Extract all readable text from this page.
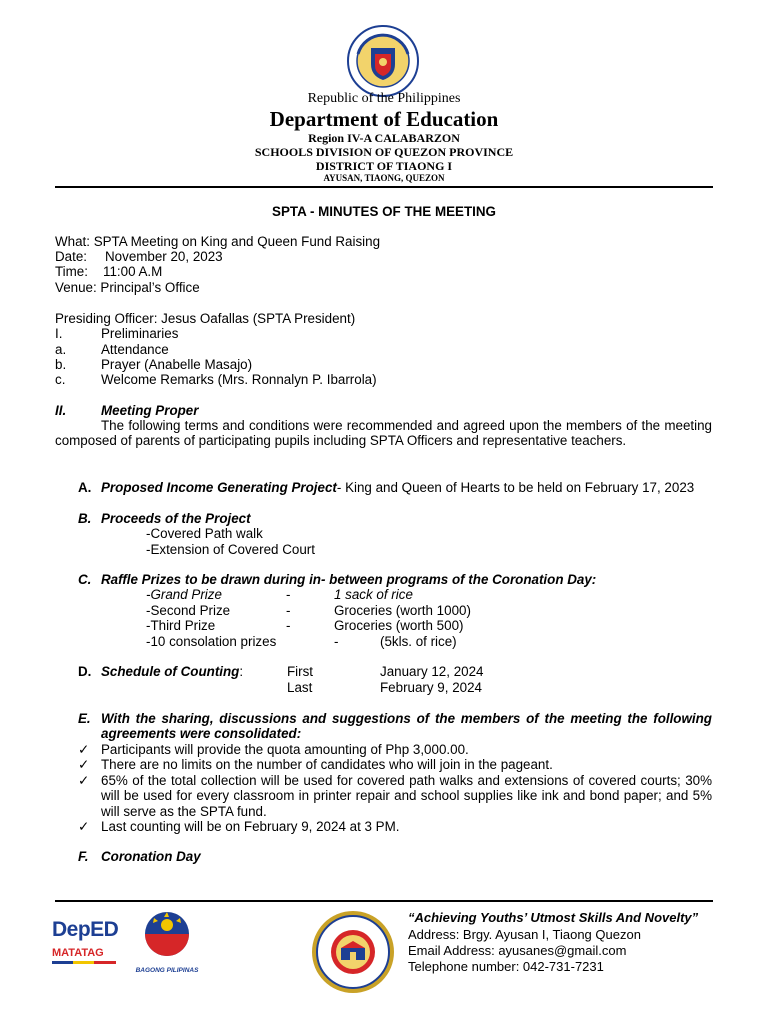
Republic of the Philippines
Department of Education
Region IV-A CALABARZON
SCHOOLS DIVISION OF QUEZON PROVINCE
DISTRICT OF TIAONG I
AYUSAN, TIAONG, QUEZON
SPTA - MINUTES OF THE MEETING
What: SPTA Meeting on King and Queen Fund Raising
Date: November 20, 2023
Time: 11:00 A.M
Venue: Principal’s Office
Presiding Officer: Jesus Oafallas (SPTA President)
I.	Preliminaries
a.	Attendance
b.	Prayer (Anabelle Masajo)
c.	Welcome Remarks (Mrs. Ronnalyn P. Ibarrola)
II.	Meeting Proper
The following terms and conditions were recommended and agreed upon the members of the meeting composed of parents of participating pupils including SPTA Officers and representative teachers.
A. Proposed Income Generating Project- King and Queen of Hearts to be held on February 17, 2023
B. Proceeds of the Project
-Covered Path walk
-Extension of Covered Court
C. Raffle Prizes to be drawn during in- between programs of the Coronation Day:
-Grand Prize	-	1 sack of rice
-Second Prize	-	Groceries (worth 1000)
-Third Prize	-	Groceries (worth 500)
-10 consolation prizes	-	(5kls. of rice)
D. Schedule of Counting:	First	January 12, 2024
Last	February 9, 2024
E. With the sharing, discussions and suggestions of the members of the meeting the following agreements were consolidated:
✓ Participants will provide the quota amounting of Php 3,000.00.
✓ There are no limits on the number of candidates who will join in the pageant.
✓ 65% of the total collection will be used for covered path walks and extensions of covered courts; 30% will be used for every classroom in printer repair and school supplies like ink and bond paper; and 5% will serve as the SPTA fund.
✓ Last counting will be on February 9, 2024 at 3 PM.
F. Coronation Day
DepED
MATATAG
BAGONG PILIPINAS
“Achieving Youths’ Utmost Skills And Novelty”
Address: Brgy. Ayusan I, Tiaong Quezon
Email Address: ayusanes@gmail.com
Telephone number: 042-731-7231
